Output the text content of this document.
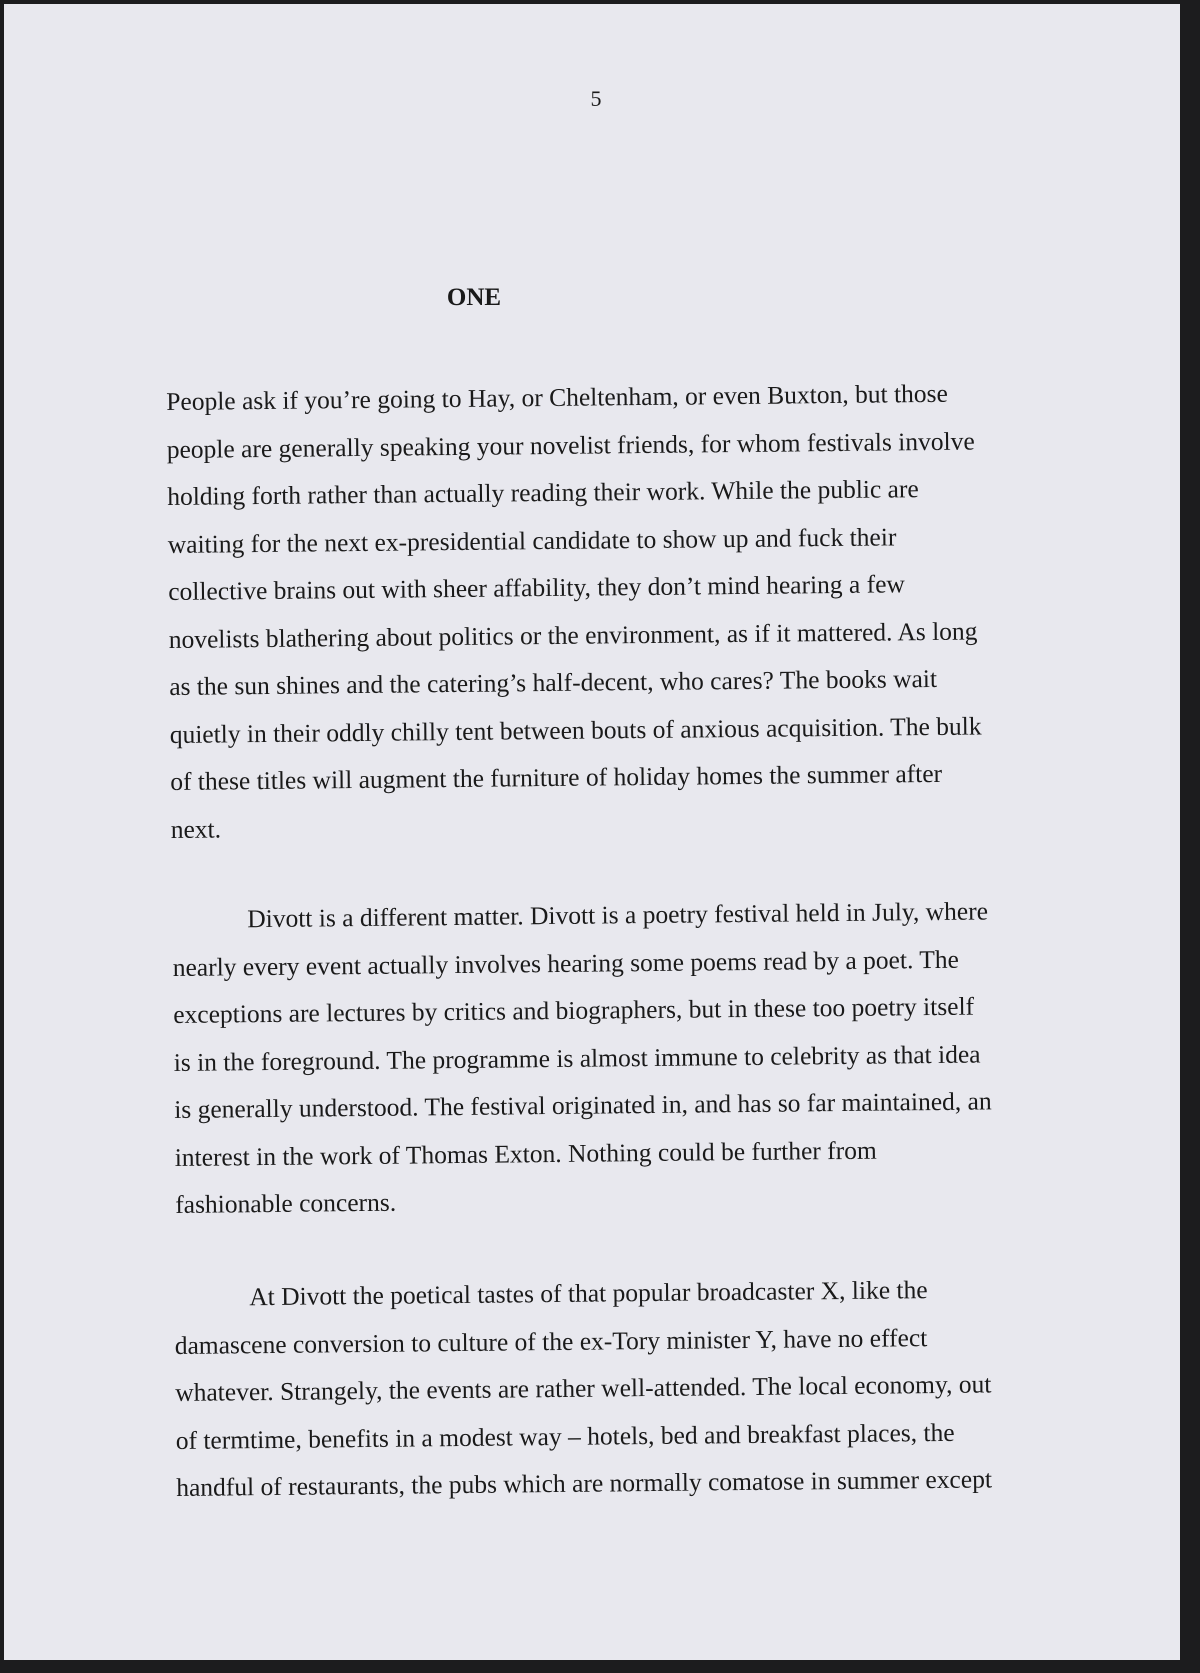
5
ONE
People ask if you’re going to Hay, or Cheltenham, or even Buxton, but those
people are generally speaking your novelist friends, for whom festivals involve
holding forth rather than actually reading their work. While the public are
waiting for the next ex-presidential candidate to show up and fuck their
collective brains out with sheer affability, they don’t mind hearing a few
novelists blathering about politics or the environment, as if it mattered. As long
as the sun shines and the catering’s half-decent, who cares? The books wait
quietly in their oddly chilly tent between bouts of anxious acquisition. The bulk
of these titles will augment the furniture of holiday homes the summer after
next.
Divott is a different matter. Divott is a poetry festival held in July, where
nearly every event actually involves hearing some poems read by a poet. The
exceptions are lectures by critics and biographers, but in these too poetry itself
is in the foreground. The programme is almost immune to celebrity as that idea
is generally understood. The festival originated in, and has so far maintained, an
interest in the work of Thomas Exton. Nothing could be further from
fashionable concerns.
At Divott the poetical tastes of that popular broadcaster X, like the
damascene conversion to culture of the ex-Tory minister Y, have no effect
whatever. Strangely, the events are rather well-attended. The local economy, out
of termtime, benefits in a modest way – hotels, bed and breakfast places, the
handful of restaurants, the pubs which are normally comatose in summer except
